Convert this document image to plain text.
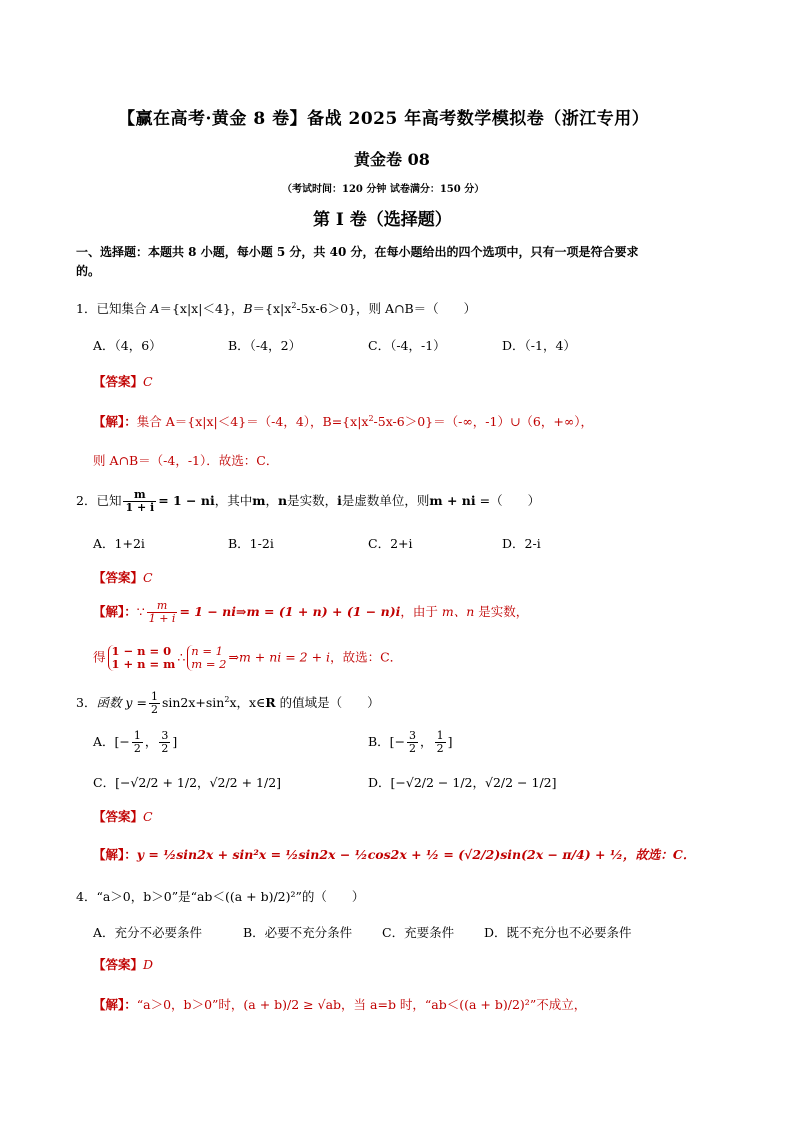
【赢在高考·黄金 8 卷】备战 2025 年高考数学模拟卷（浙江专用）
黄金卷 08
（考试时间：120 分钟 试卷满分：150 分）
第 I 卷（选择题）
一、选择题：本题共 8 小题，每小题 5 分，共 40 分，在每小题给出的四个选项中，只有一项是符合要求
的。
1．已知集合 A＝{x|x|＜4}，$B=\{x|x^2-5x-6>0\}$，则 A∩B＝（　　）
A．（4，6）	B．（-4，2）	C．（-4，-1）	D．（-1，4）
【答案】C
【解】：集合 A＝{x|x|＜4}＝（-4，4），$B=\{x|x^2-5x-6>0\}=(-\infty$，-1）∪（6，+∞），
则 A∩B＝（-4，-1）．故选：C．
2．已知 $\frac{m}{1 + i} = 1$ − ni，其中m，n是实数，i是虚数单位，则m + ni =（　　）
A．1+2i	B．1-2i	C．2+i	D．2-i
【答案】C
【解】：∵ $\frac{m}{1 + i} = 1$ − ni⇒m = (1 + n) + (1 − n)i，由于 m、n 是实数，
得 1 − n = 0
1 + n = m ∴ n = 1
m = 2 ⇒m + ni = 2 + i，故选：C．
3．函数 $y = \frac{1}{2} \sin 2x+\sin^2x$，x∈R 的值域是（　　）
A．[− $\frac{1}{2}$ ， $\frac{3}{2}$ ]	B．[− $\frac{3}{2}$ ， $\frac{1}{2}$ ]
C．[−√2/2 + 1/2，√2/2 + 1/2]	D．[−√2/2 − 1/2，√2/2 − 1/2]
【答案】C
【解】：y = ½sin2x + sin²x = ½sin2x − ½cos2x + ½ = (√2/2)sin(2x − π/4) + ½，故选：C．
4．“a＞0，b＞0”是“ab＜((a + b)/2)²”的（　　）
A．充分不必要条件	B．必要不充分条件 C．充要条件 D．既不充分也不必要条件
【答案】D
【解】：“a＞0，b＞0”时，(a + b)/2 ≥ √ab，当 a=b 时，“ab＜((a + b)/2)²”不成立，
